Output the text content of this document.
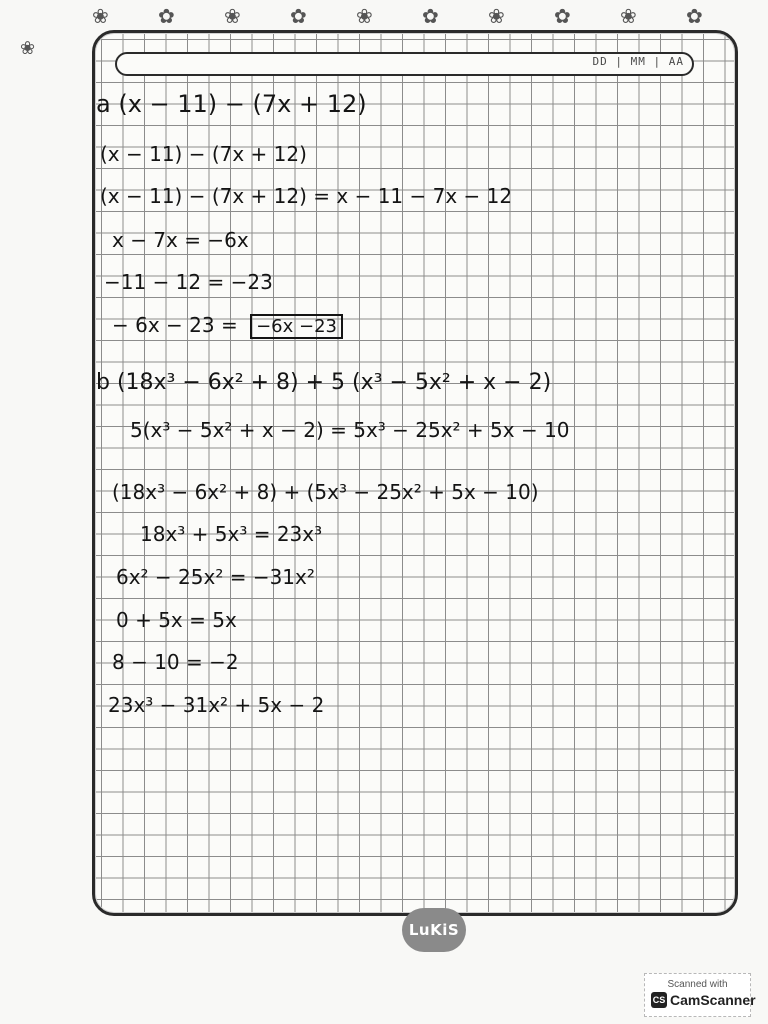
❀ ✿ ❀ ✿ ❀ ✿ ❀ ✿ ❀ ✿
❀
DD | MM | AA
a (x − 11) − (7x + 12)
(x − 11) − (7x + 12)
(x − 11) − (7x + 12) = x − 11 − 7x − 12
x − 7x = −6x
−11 − 12 = −23
− 6x − 23 = −6x −23
b (18x³ − 6x² + 8) + 5 (x³ − 5x² + x − 2)
5(x³ − 5x² + x − 2) = 5x³ − 25x² + 5x − 10
(18x³ − 6x² + 8) + (5x³ − 25x² + 5x − 10)
18x³ + 5x³ = 23x³
6x² − 25x² = −31x²
0 + 5x = 5x
8 − 10 = −2
23x³ − 31x² + 5x − 2
LuKiS
Scanned with
CS CamScanner
